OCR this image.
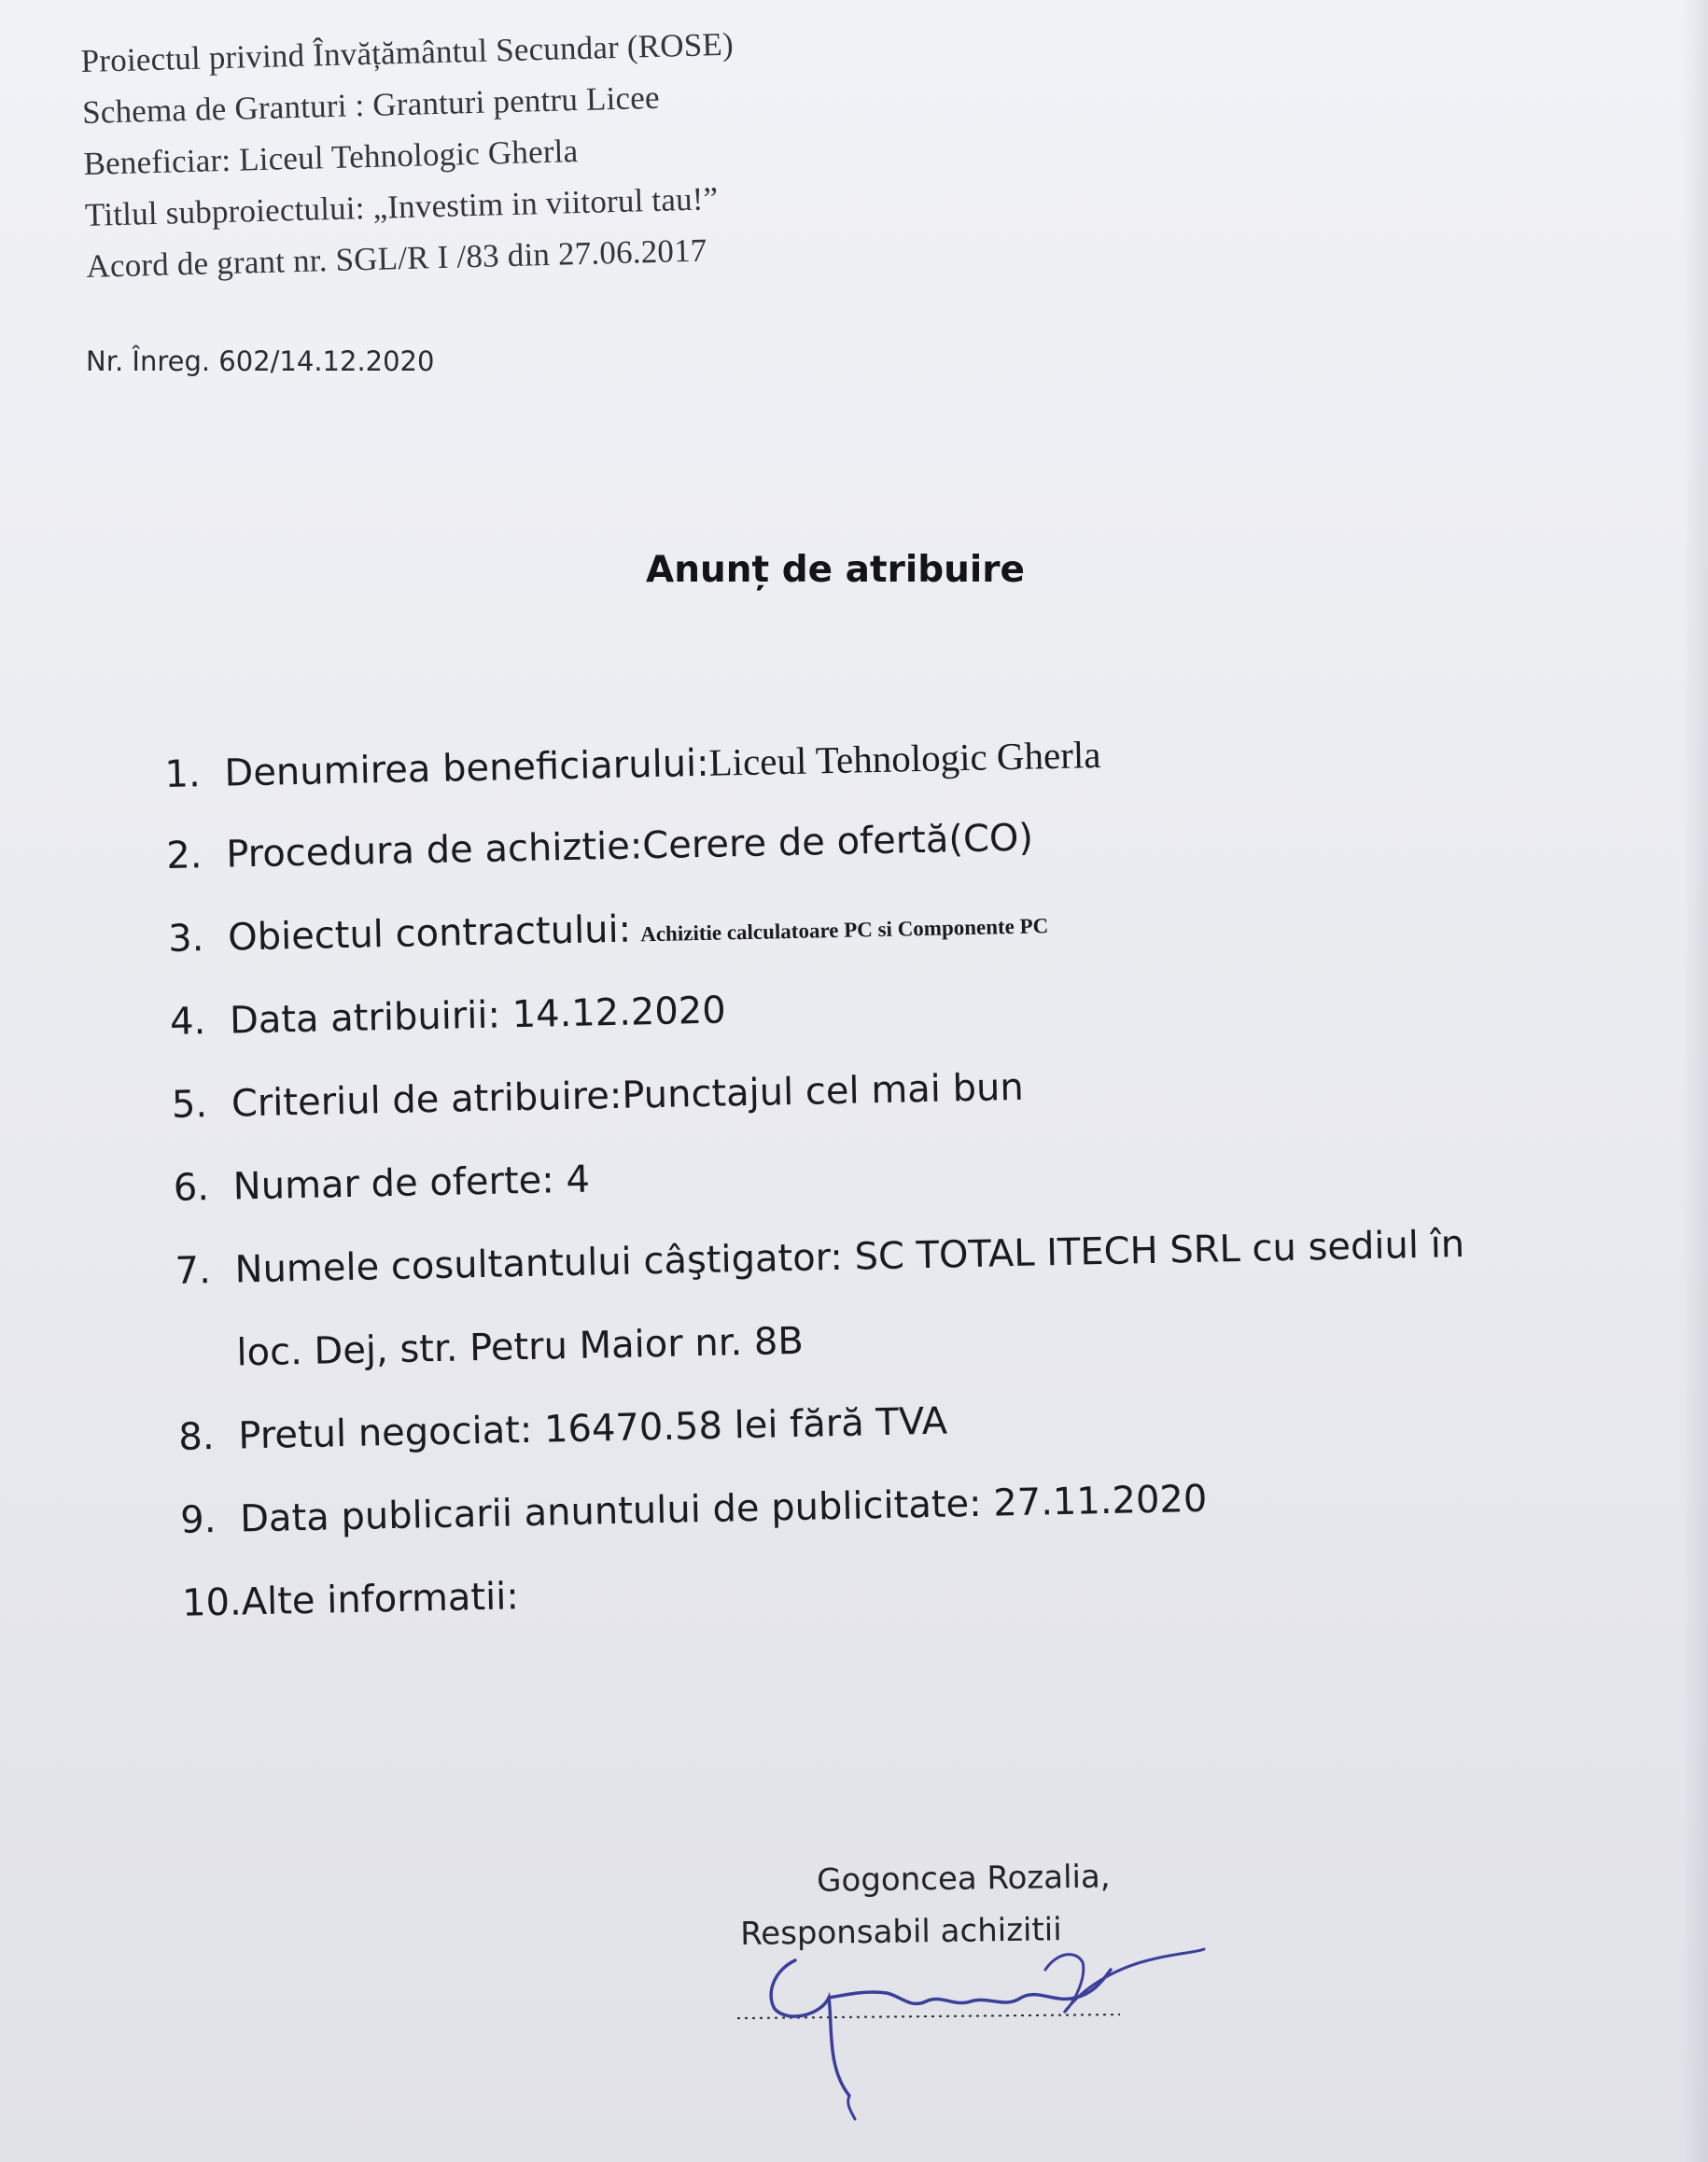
Proiectul privind Învățământul Secundar (ROSE)
Schema de Granturi : Granturi pentru Licee
Beneficiar: Liceul Tehnologic Gherla
Titlul subproiectului: „Investim in viitorul tau!”
Acord de grant nr. SGL/R I /83 din 27.06.2017
Nr. Înreg. 602/14.12.2020
Anunț de atribuire
1. Denumirea beneficiarului: Liceul Tehnologic Gherla
2. Procedura de achiztie:Cerere de ofertă(CO)
3. Obiectul contractului: Achizitie calculatoare PC si Componente PC
4. Data atribuirii: 14.12.2020
5. Criteriul de atribuire:Punctajul cel mai bun
6. Numar de oferte: 4
7. Numele cosultantului câştigator: SC TOTAL ITECH SRL cu sediul în
loc. Dej, str. Petru Maior nr. 8B
8. Pretul negociat: 16470.58 lei fără TVA
9. Data publicarii anuntului de publicitate: 27.11.2020
10. Alte informatii:
Gogoncea Rozalia,
Responsabil achizitii
